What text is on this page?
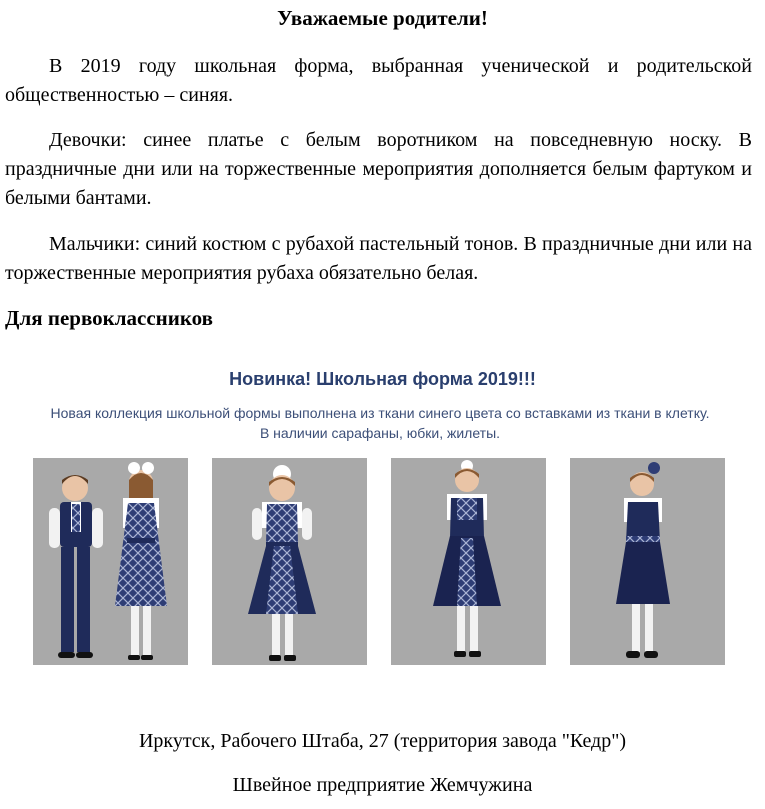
Уважаемые родители!
В 2019 году школьная форма, выбранная ученической и родительской общественностью – синяя.
Девочки: синее платье с белым воротником на повседневную носку. В праздничные дни или на торжественные мероприятия дополняется белым фартуком и белыми бантами.
Мальчики: синий костюм с рубахой пастельный тонов. В праздничные дни или на торжественные мероприятия рубаха обязательно белая.
Для первоклассников
Новинка! Школьная форма 2019!!!
Новая коллекция школьной формы выполнена из ткани синего цвета со вставками из ткани в клетку. В наличии сарафаны, юбки, жилеты.
Иркутск, Рабочего Штаба, 27 (территория завода "Кедр")
Швейное предприятие Жемчужина
